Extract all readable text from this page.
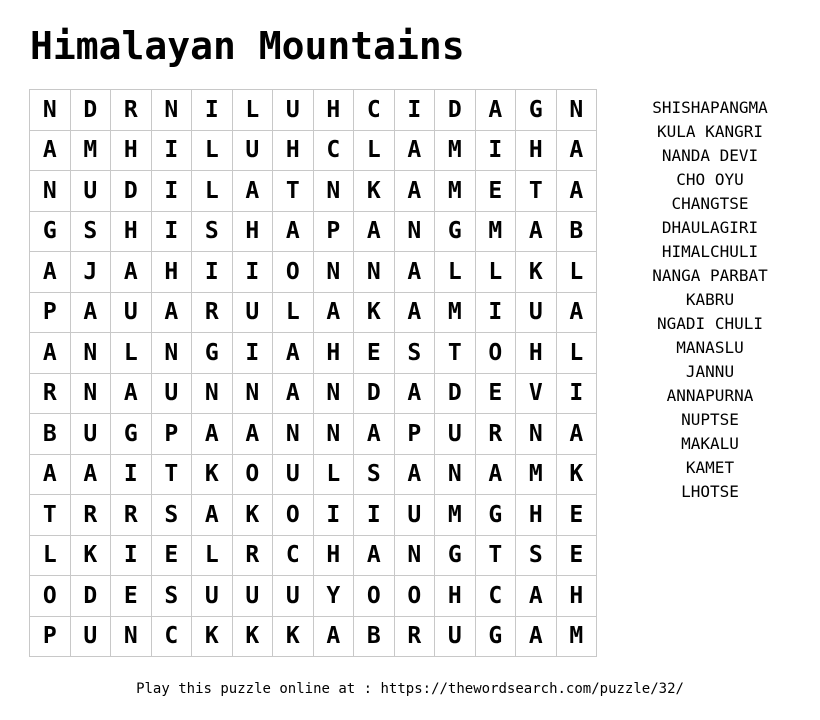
Himalayan Mountains
N	D	R	N	I	L	U	H	C	I	D	A	G	N
A	M	H	I	L	U	H	C	L	A	M	I	H	A
N	U	D	I	L	A	T	N	K	A	M	E	T	A
G	S	H	I	S	H	A	P	A	N	G	M	A	B
A	J	A	H	I	I	O	N	N	A	L	L	K	L
P	A	U	A	R	U	L	A	K	A	M	I	U	A
A	N	L	N	G	I	A	H	E	S	T	O	H	L
R	N	A	U	N	N	A	N	D	A	D	E	V	I
B	U	G	P	A	A	N	N	A	P	U	R	N	A
A	A	I	T	K	O	U	L	S	A	N	A	M	K
T	R	R	S	A	K	O	I	I	U	M	G	H	E
L	K	I	E	L	R	C	H	A	N	G	T	S	E
O	D	E	S	U	U	U	Y	O	O	H	C	A	H
P	U	N	C	K	K	K	A	B	R	U	G	A	M
SHISHAPANGMA
KULA KANGRI
NANDA DEVI
CHO OYU
CHANGTSE
DHAULAGIRI
HIMALCHULI
NANGA PARBAT
KABRU
NGADI CHULI
MANASLU
JANNU
ANNAPURNA
NUPTSE
MAKALU
KAMET
LHOTSE
Play this puzzle online at : https://thewordsearch.com/puzzle/32/
